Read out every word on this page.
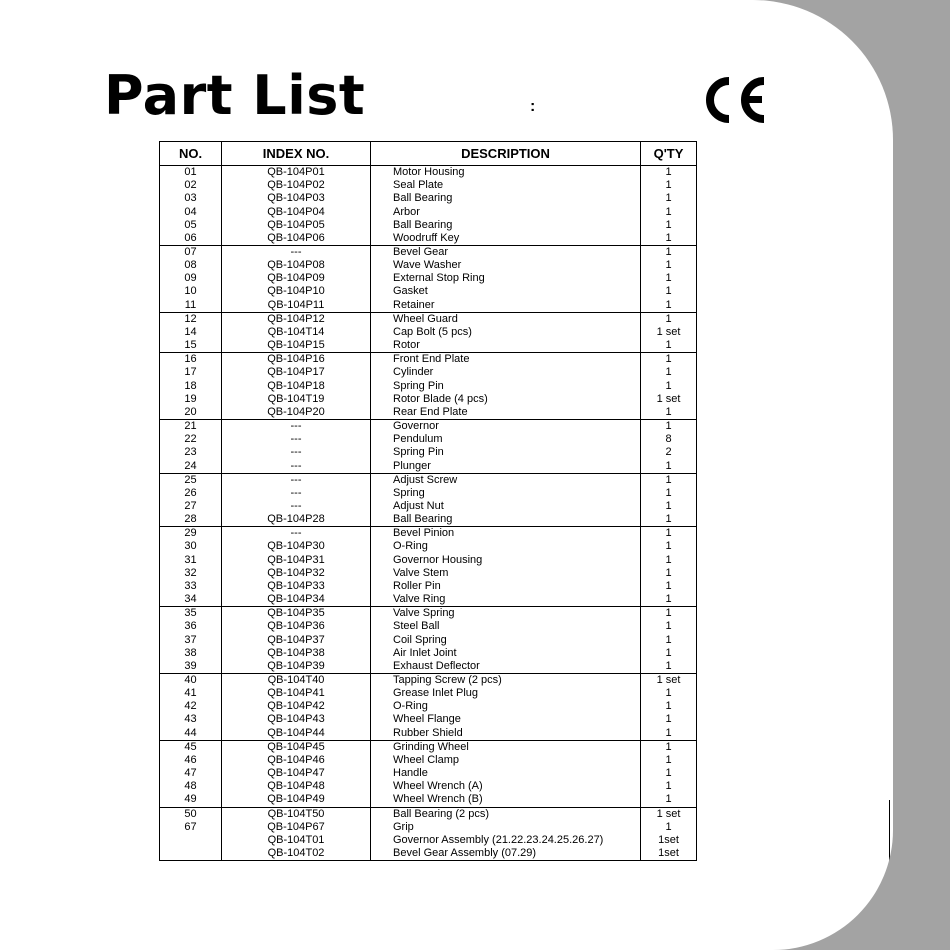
Part List	:
NO.	INDEX NO.	DESCRIPTION	Q'TY
01	QB-104P01	Motor Housing	1
02	QB-104P02	Seal Plate	1
03	QB-104P03	Ball Bearing	1
04	QB-104P04	Arbor	1
05	QB-104P05	Ball Bearing	1
06	QB-104P06	Woodruff Key	1
07	---	Bevel Gear	1
08	QB-104P08	Wave Washer	1
09	QB-104P09	External Stop Ring	1
10	QB-104P10	Gasket	1
11	QB-104P11	Retainer	1
12	QB-104P12	Wheel Guard	1
14	QB-104T14	Cap Bolt (5 pcs)	1 set
15	QB-104P15	Rotor	1
16	QB-104P16	Front End Plate	1
17	QB-104P17	Cylinder	1
18	QB-104P18	Spring Pin	1
19	QB-104T19	Rotor Blade (4 pcs)	1 set
20	QB-104P20	Rear End Plate	1
21	---	Governor	1
22	---	Pendulum	8
23	---	Spring Pin	2
24	---	Plunger	1
25	---	Adjust Screw	1
26	---	Spring	1
27	---	Adjust Nut	1
28	QB-104P28	Ball Bearing	1
29	---	Bevel Pinion	1
30	QB-104P30	O-Ring	1
31	QB-104P31	Governor Housing	1
32	QB-104P32	Valve Stem	1
33	QB-104P33	Roller Pin	1
34	QB-104P34	Valve Ring	1
35	QB-104P35	Valve Spring	1
36	QB-104P36	Steel Ball	1
37	QB-104P37	Coil Spring	1
38	QB-104P38	Air Inlet Joint	1
39	QB-104P39	Exhaust Deflector	1
40	QB-104T40	Tapping Screw (2 pcs)	1 set
41	QB-104P41	Grease Inlet Plug	1
42	QB-104P42	O-Ring	1
43	QB-104P43	Wheel Flange	1
44	QB-104P44	Rubber Shield	1
45	QB-104P45	Grinding Wheel	1
46	QB-104P46	Wheel Clamp	1
47	QB-104P47	Handle	1
48	QB-104P48	Wheel Wrench (A)	1
49	QB-104P49	Wheel Wrench (B)	1
50	QB-104T50	Ball Bearing (2 pcs)	1 set
67	QB-104P67	Grip	1
	QB-104T01	Governor Assembly (21.22.23.24.25.26.27)	1set
	QB-104T02	Bevel Gear Assembly (07.29)	1set
